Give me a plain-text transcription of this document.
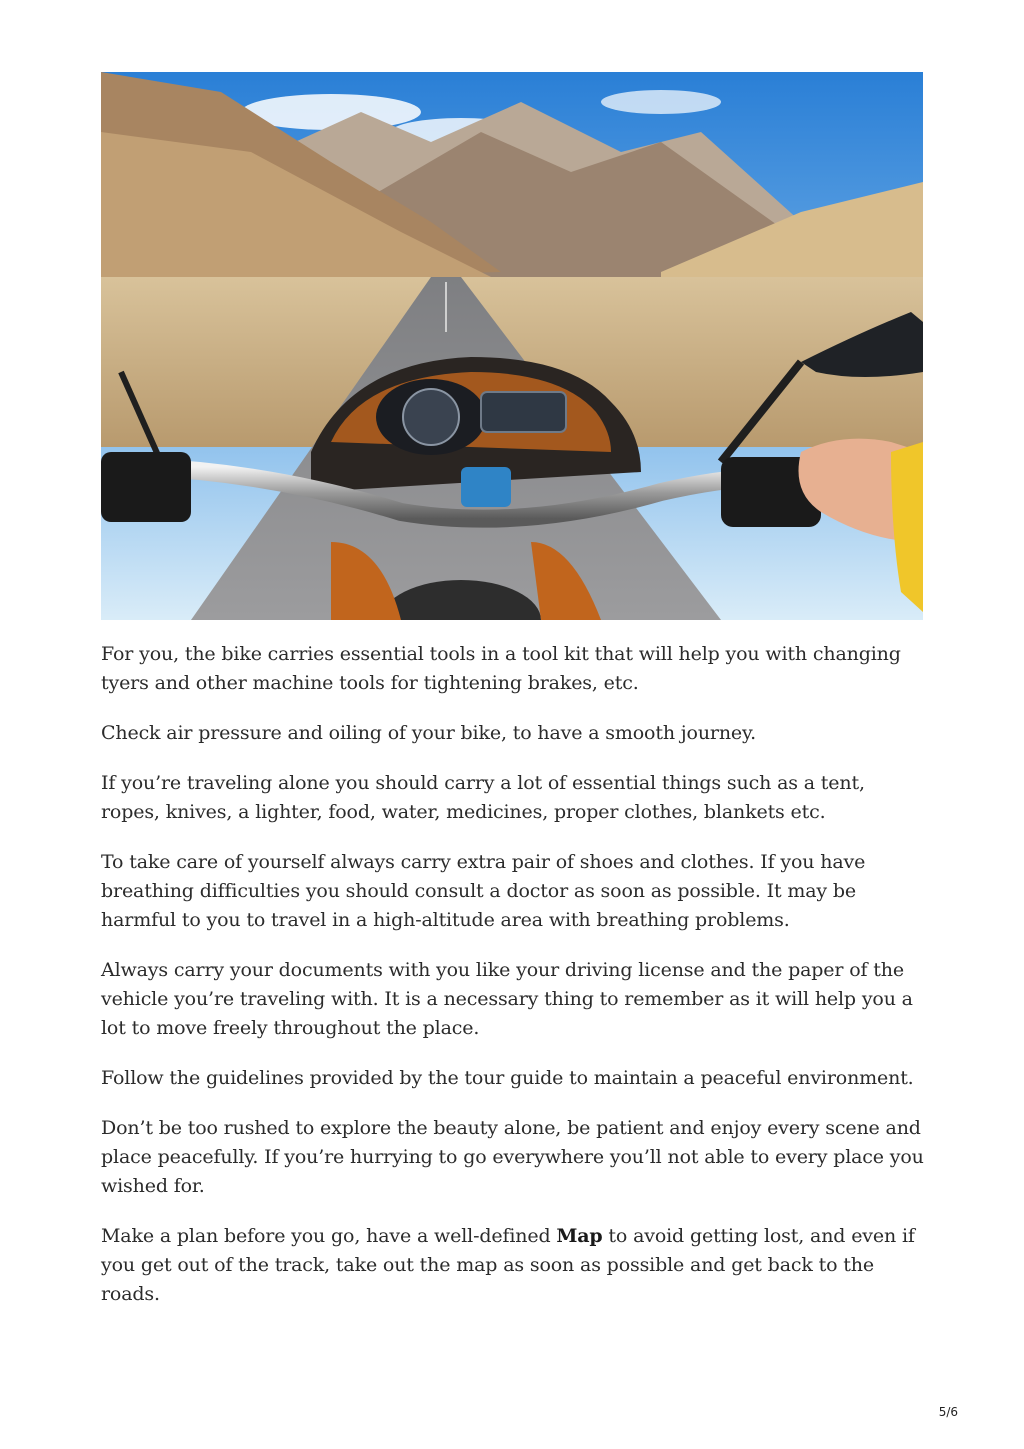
For you, the bike carries essential tools in a tool kit that will help you with changing tyers and other machine tools for tightening brakes, etc.

Check air pressure and oiling of your bike, to have a smooth journey.

If you’re traveling alone you should carry a lot of essential things such as a tent, ropes, knives, a lighter, food, water, medicines, proper clothes, blankets etc.

To take care of yourself always carry extra pair of shoes and clothes. If you have breathing difficulties you should consult a doctor as soon as possible. It may be harmful to you to travel in a high-altitude area with breathing problems.

Always carry your documents with you like your driving license and the paper of the vehicle you’re traveling with. It is a necessary thing to remember as it will help you a lot to move freely throughout the place.

Follow the guidelines provided by the tour guide to maintain a peaceful environment.

Don’t be too rushed to explore the beauty alone, be patient and enjoy every scene and place peacefully. If you’re hurrying to go everywhere you’ll not able to every place you wished for.

Make a plan before you go, have a well-defined Map to avoid getting lost, and even if you get out of the track, take out the map as soon as possible and get back to the roads.

5/6
